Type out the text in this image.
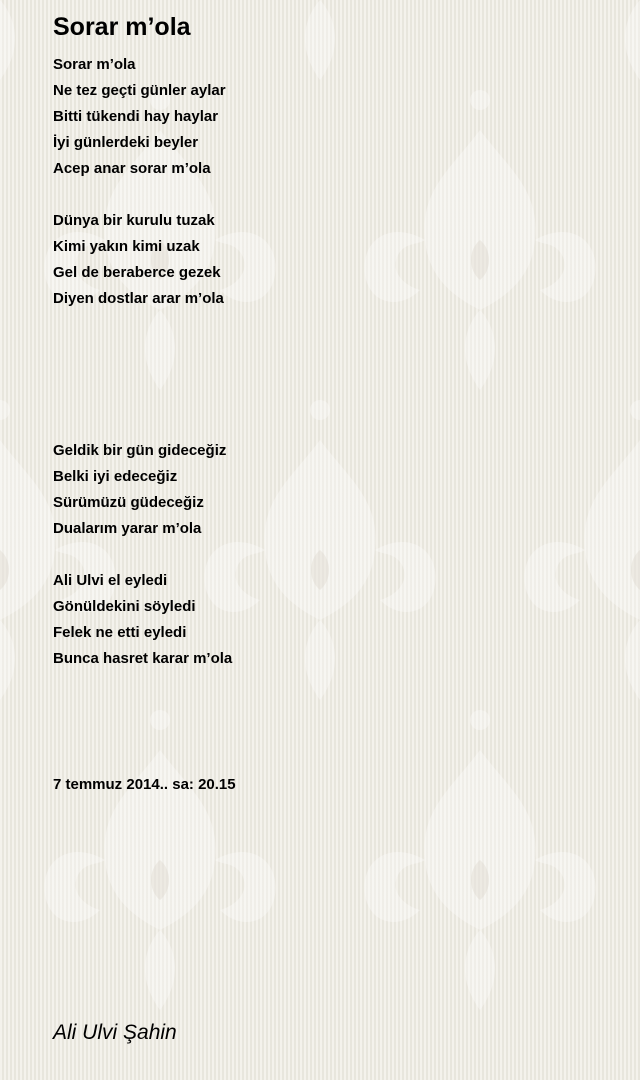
Sorar m’ola
Sorar m’ola
Ne tez geçti günler aylar
Bitti tükendi hay haylar
İyi günlerdeki beyler
Acep anar sorar m’ola
Dünya bir kurulu tuzak
Kimi yakın kimi uzak
Gel de beraberce gezek
Diyen dostlar arar m’ola
Geldik bir gün gideceğiz
Belki iyi edeceğiz
Sürümüzü güdeceğiz
Dualarım yarar m’ola
Ali Ulvi el eyledi
Gönüldekini söyledi
Felek ne etti eyledi
Bunca hasret karar m’ola
7 temmuz 2014.. sa: 20.15
Ali Ulvi Şahin
